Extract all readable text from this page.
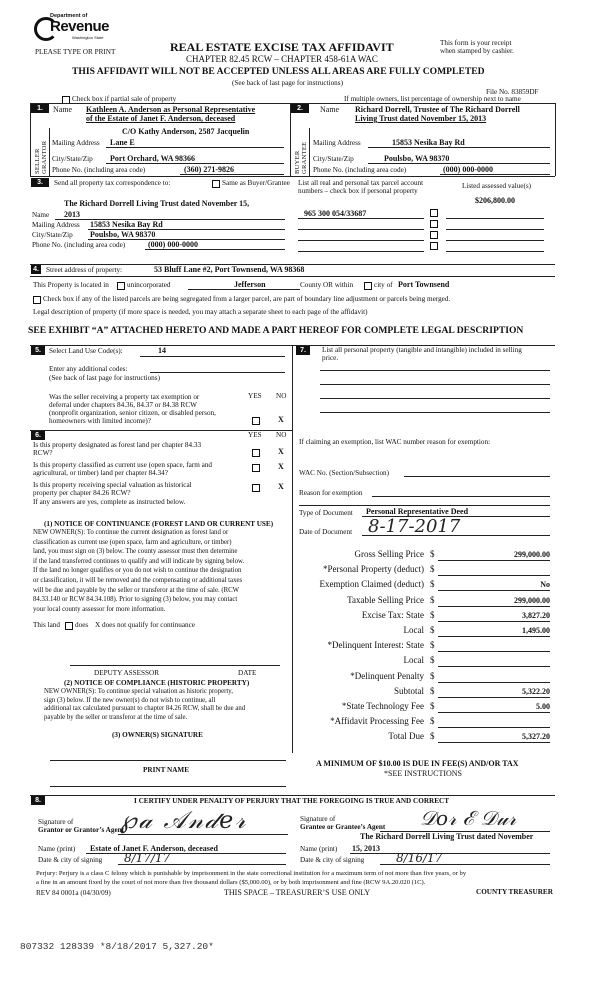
Department of
Revenue
Washington State
PLEASE TYPE OR PRINT	REAL ESTATE EXCISE TAX AFFIDAVIT
CHAPTER 82.45 RCW – CHAPTER 458-61A WAC
THIS AFFIDAVIT WILL NOT BE ACCEPTED UNLESS ALL AREAS ARE FULLY COMPLETED
(See back of last page for instructions)
This form is your receipt
when stamped by cashier.
File No. 83859DF
Check box if partial sale of property	If multiple owners, list percentage of ownership next to name
1.
SELLER GRANTOR
Name Kathleen A. Anderson as Personal Representative
of the Estate of Janet F. Anderson, deceased
C/O Kathy Anderson, 2587 Jacquelin
Mailing Address Lane E
City/State/Zip Port Orchard, WA 98366
Phone No. (including area code)	(360) 271-9826
2.
BUYER GRANTEE
Name Richard Dorrell, Trustee of The Richard Dorrell
Living Trust dated November 15, 2013
Mailing Address	15853 Nesika Bay Rd
City/State/Zip	Poulsbo, WA 98370
Phone No. (including area code)	(000) 000-0000
3.	Send all property tax correspondence to:	Same as Buyer/Grantee List all real and personal tax parcel account
numbers – check box if personal property
Listed assessed value(s)
$206,800.00
The Richard Dorrell Living Trust dated November 15,
Name 2013
Mailing Address 15853 Nesika Bay Rd
City/State/Zip Poulsbo, WA 98370
Phone No. (including area code)	(000) 000-0000
965 300 054/33687
4. Street address of property:	53 Bluff Lane #2, Port Townsend, WA 98368
This Property is located in	unincorporated	Jefferson	County OR within	city of Port Townsend
Check box if any of the listed parcels are being segregated from a larger parcel, are part of boundary line adjustment or parcels being merged.
Legal description of property (if more space is needed, you may attach a separate sheet to each page of the affidavit)
SEE EXHIBIT “A” ATTACHED HERETO AND MADE A PART HEREOF FOR COMPLETE LEGAL DESCRIPTION
5.	Select Land Use Code(s):	14
Enter any additional codes:
(See back of last page for instructions)
YES NO
Was the seller receiving a property tax exemption or
deferral under chapters 84.36, 84.37 or 84.38 RCW
(nonprofit organization, senior citizen, or disabled person,
homeowners with limited income)?	X
6.	YES NO
Is this property designated as forest land per chapter 84.33
RCW?	X
Is this property classified as current use (open space, farm and
agricultural, or timber) land per chapter 84.34?
X
Is this property receiving special valuation as historical
property per chapter 84.26 RCW?
X
If any answers are yes, complete as instructed below.
(1) NOTICE OF CONTINUANCE (FOREST LAND OR CURRENT USE)
NEW OWNER(S): To continue the current designation as forest land or
classification as current use (open space, farm and agriculture, or timber)
land, you must sign on (3) below. The county assessor must then determine
if the land transferred continues to qualify and will indicate by signing below.
If the land no longer qualifies or you do not wish to continue the designation
or classification, it will be removed and the compensating or additional taxes
will be due and payable by the seller or transferor at the time of sale. (RCW
84.33.140 or RCW 84.34.108). Prior to signing (3) below, you may contact
your local county assessor for more information.
This land does X does not qualify for continuance
DEPUTY ASSESSOR	DATE
(2) NOTICE OF COMPLIANCE (HISTORIC PROPERTY)
NEW OWNER(S): To continue special valuation as historic property,
sign (3) below. If the new owner(s) do not wish to continue, all
additional tax calculated pursuant to chapter 84.26 RCW, shall be due and
payable by the seller or transferor at the time of sale.
(3) OWNER(S) SIGNATURE
PRINT NAME
7.	List all personal property (tangible and intangible) included in selling
price.
If claiming an exemption, list WAC number reason for exemption:
WAC No. (Section/Subsection)
Reason for exemption
Type of Document Personal Representative Deed
Date of Document 8-17-2017
Gross Selling Price $	299,000.00
*Personal Property (deduct) $
Exemption Claimed (deduct) $	No
Taxable Selling Price $	299,000.00
Excise Tax: State $	3,827.20
Local $	1,495.00
*Delinquent Interest: State $
Local $
*Delinquent Penalty $
Subtotal $	5,322.20
*State Technology Fee $	5.00
*Affidavit Processing Fee $
Total Due $	5,327.20
A MINIMUM OF $10.00 IS DUE IN FEE(S) AND/OR TAX
*SEE INSTRUCTIONS
8.	I CERTIFY UNDER PENALTY OF PERJURY THAT THE FOREGOING IS TRUE AND CORRECT
Signature of
Grantor or Grantor’s Agent
℘𝒶 𝒜𝓃𝒹𝑒𝓇	Signature of
Grantee or Grantee’s Agent 𝒟𝑜𝓇 ℰ 𝒟𝓊𝓇
The Richard Dorrell Living Trust dated November
Name (print) Estate of Janet F. Anderson, deceased	Name (print) 15, 2013
Date & city of signing 8/17/17	Date & city of signing	8/16/17
Perjury: Perjury is a class C felony which is punishable by imprisonment in the state correctional institution for a maximum term of not more than five years, or by
a fine in an amount fixed by the court of not more than five thousand dollars ($5,000.00), or by both imprisonment and fine (RCW 9A.20.020 (1C).
REV 84 0001a (04/30/09)	THIS SPACE – TREASURER’S USE ONLY	COUNTY TREASURER
807332 128339 *8/18/2017 5,327.20*
